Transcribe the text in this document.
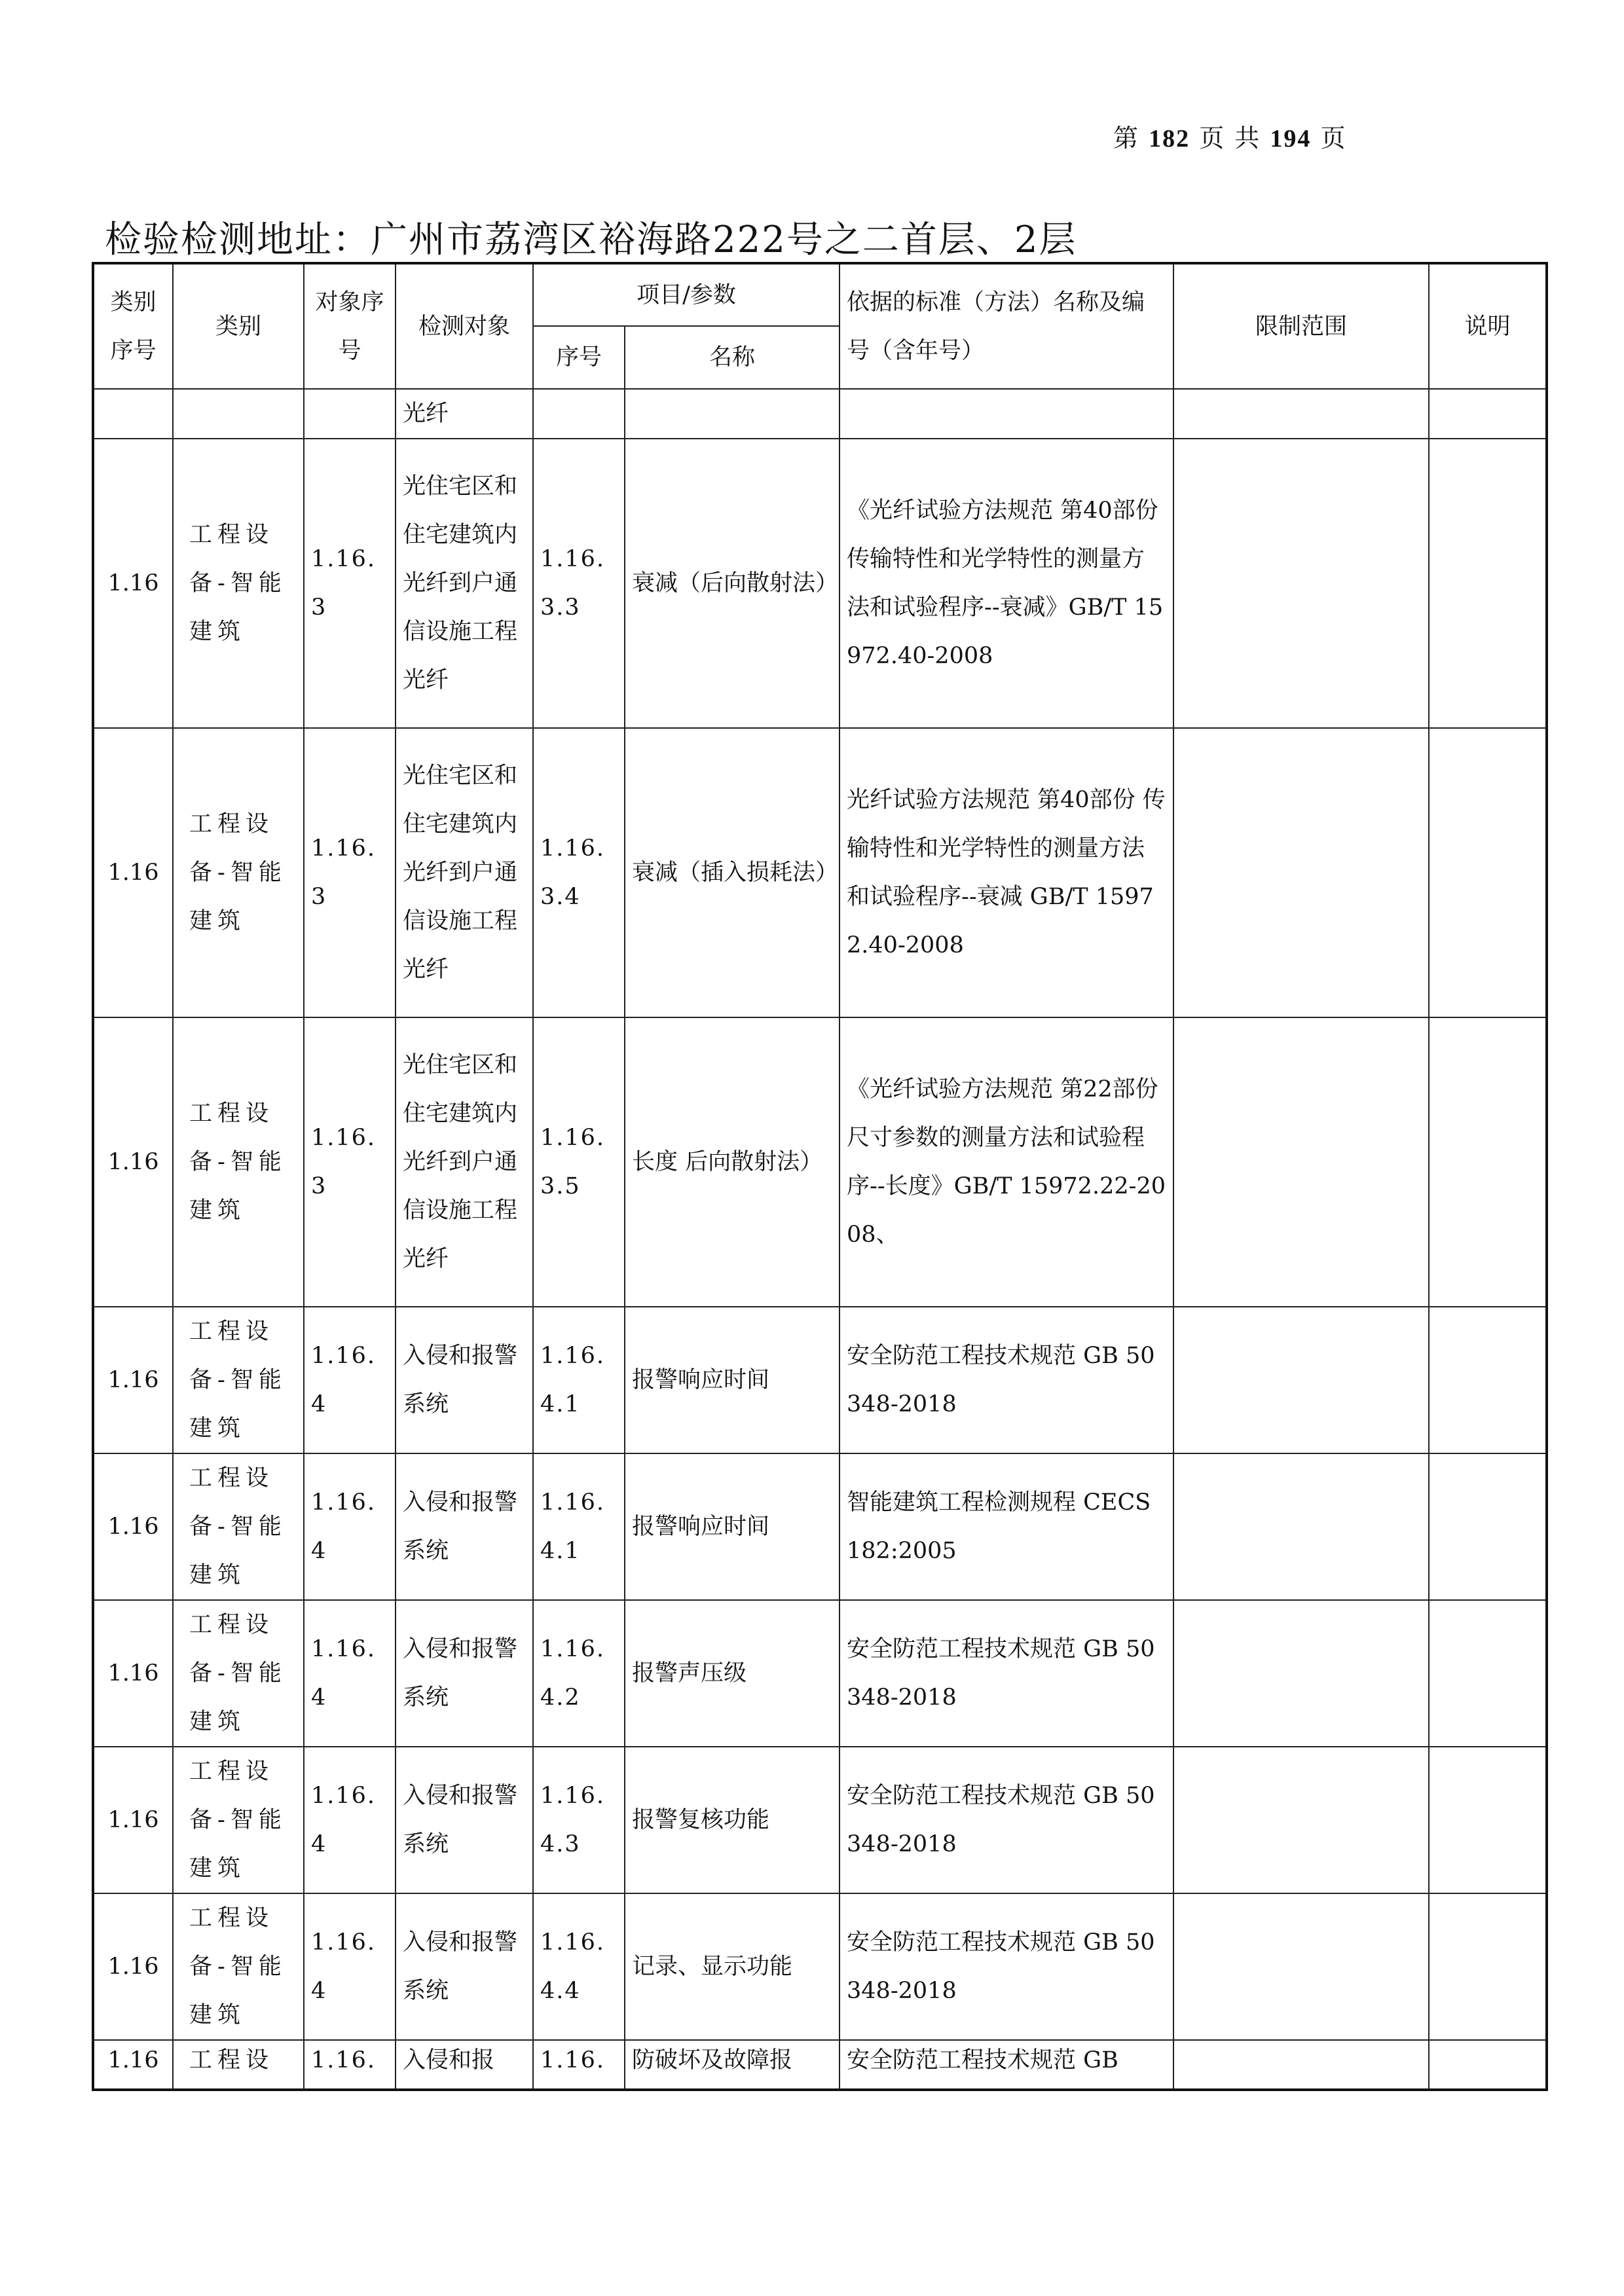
第 182 页 共 194 页
检验检测地址：广州市荔湾区裕海路222号之二首层、2层
类别序号	类别	对象序号	检测对象	项目/参数		依据的标准（方法）名称及编号（含年号）	限制范围	说明
				序号	名称			
			光纤					
1.16	工程设备-智能建筑	1.16.3	光住宅区和住宅建筑内光纤到户通信设施工程光纤	1.16.3.3	衰减（后向散射法）	《光纤试验方法规范 第40部份 传输特性和光学特性的测量方法和试验程序--衰减》GB/T 15972.40-2008		
1.16	工程设备-智能建筑	1.16.3	光住宅区和住宅建筑内光纤到户通信设施工程光纤	1.16.3.4	衰减（插入损耗法）	光纤试验方法规范 第40部份 传输特性和光学特性的测量方法和试验程序--衰减 GB/T 15972.40-2008		
1.16	工程设备-智能建筑	1.16.3	光住宅区和住宅建筑内光纤到户通信设施工程光纤	1.16.3.5	长度 后向散射法）	《光纤试验方法规范 第22部份 尺寸参数的测量方法和试验程序--长度》GB/T 15972.22-2008、		
1.16	工程设备-智能建筑	1.16.4	入侵和报警系统	1.16.4.1	报警响应时间	安全防范工程技术规范 GB 50348-2018		
1.16	工程设备-智能建筑	1.16.4	入侵和报警系统	1.16.4.1	报警响应时间	智能建筑工程检测规程 CECS 182:2005		
1.16	工程设备-智能建筑	1.16.4	入侵和报警系统	1.16.4.2	报警声压级	安全防范工程技术规范 GB 50348-2018		
1.16	工程设备-智能建筑	1.16.4	入侵和报警系统	1.16.4.3	报警复核功能	安全防范工程技术规范 GB 50348-2018		
1.16	工程设备-智能建筑	1.16.4	入侵和报警系统	1.16.4.4	记录、显示功能	安全防范工程技术规范 GB 50348-2018		
1.16	工程设	1.16.	入侵和报	1.16.	防破坏及故障报	安全防范工程技术规范 GB		
